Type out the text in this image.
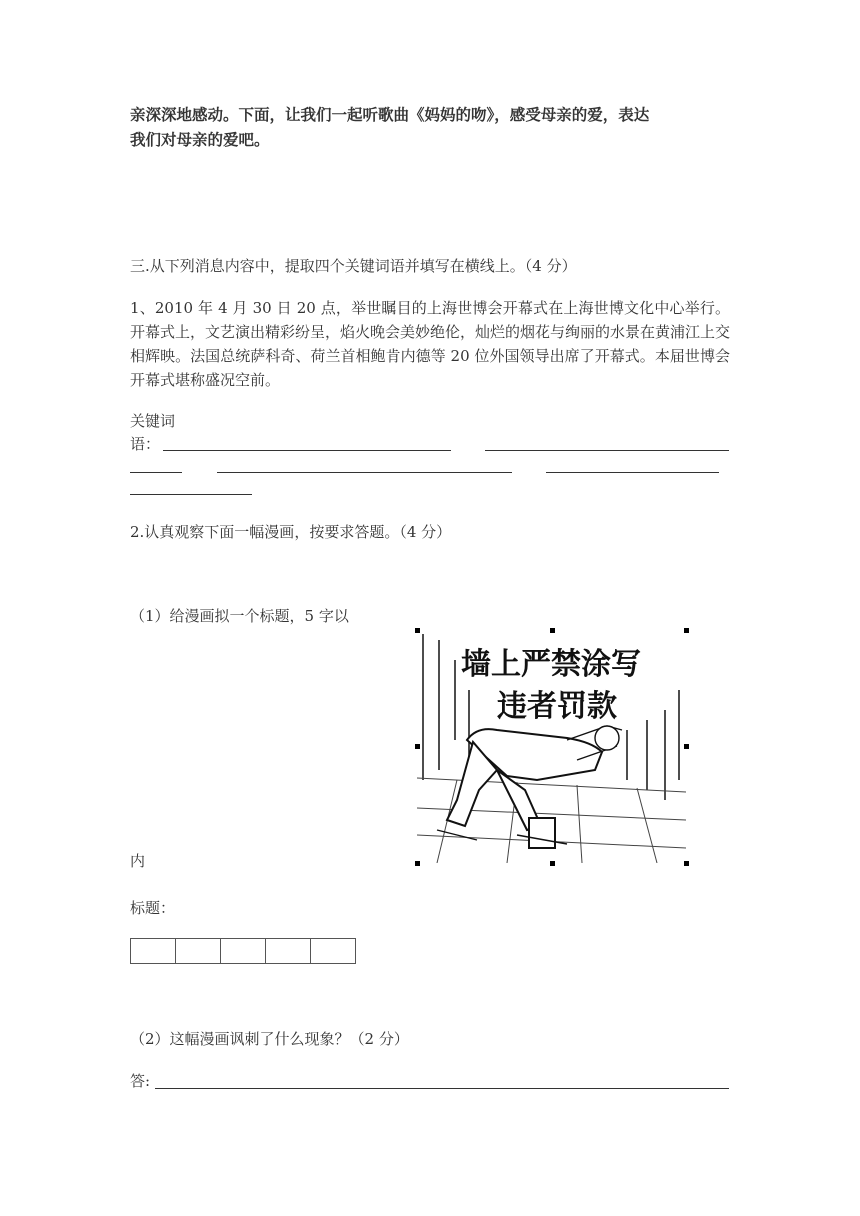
亲深深地感动。下面，让我们一起听歌曲《妈妈的吻》，感受母亲的爱，表达
我们对母亲的爱吧。
三.从下列消息内容中，提取四个关键词语并填写在横线上。（4 分）
1、2010 年 4 月 30 日 20 点，举世瞩目的上海世博会开幕式在上海世博文化中心举行。开幕式上，文艺演出精彩纷呈，焰火晚会美妙绝伦，灿烂的烟花与绚丽的水景在黄浦江上交相辉映。法国总统萨科奇、荷兰首相鲍肯内德等 20 位外国领导出席了开幕式。本届世博会开幕式堪称盛况空前。
关键词
语：
2.认真观察下面一幅漫画，按要求答题。（4 分）
（1）给漫画拟一个标题，5 字以
内
墙上严禁涂写
违者罚款
标题：
（2）这幅漫画讽刺了什么现象？（2 分）
答:
